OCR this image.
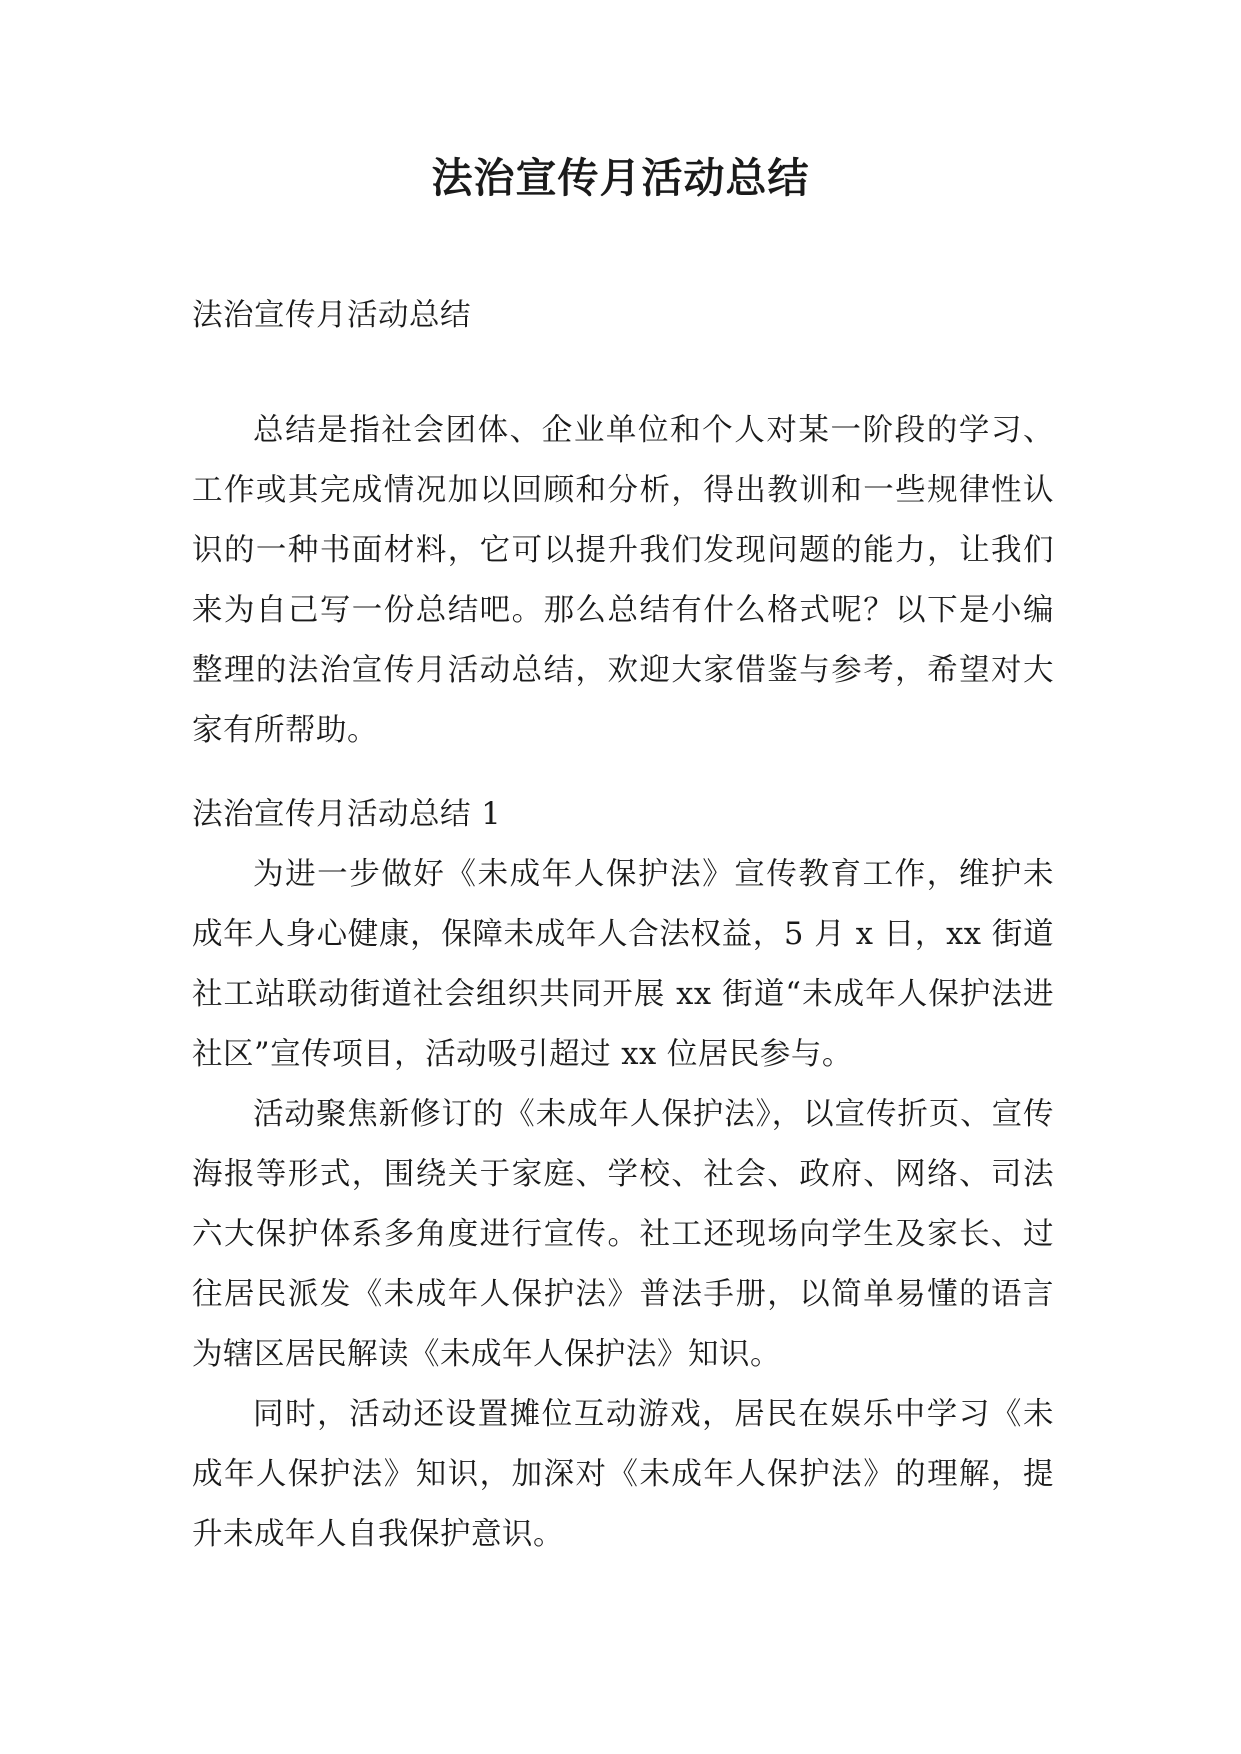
法治宣传月活动总结

法治宣传月活动总结

总结是指社会团体、企业单位和个人对某一阶段的学习、工作或其完成情况加以回顾和分析，得出教训和一些规律性认识的一种书面材料，它可以提升我们发现问题的能力，让我们来为自己写一份总结吧。那么总结有什么格式呢？以下是小编整理的法治宣传月活动总结，欢迎大家借鉴与参考，希望对大家有所帮助。

法治宣传月活动总结 1

为进一步做好《未成年人保护法》宣传教育工作，维护未成年人身心健康，保障未成年人合法权益，5 月 x 日，xx 街道社工站联动街道社会组织共同开展 xx 街道“未成年人保护法进社区”宣传项目，活动吸引超过 xx 位居民参与。

活动聚焦新修订的《未成年人保护法》，以宣传折页、宣传海报等形式，围绕关于家庭、学校、社会、政府、网络、司法六大保护体系多角度进行宣传。社工还现场向学生及家长、过往居民派发《未成年人保护法》普法手册，以简单易懂的语言为辖区居民解读《未成年人保护法》知识。

同时，活动还设置摊位互动游戏，居民在娱乐中学习《未成年人保护法》知识，加深对《未成年人保护法》的理解，提升未成年人自我保护意识。
